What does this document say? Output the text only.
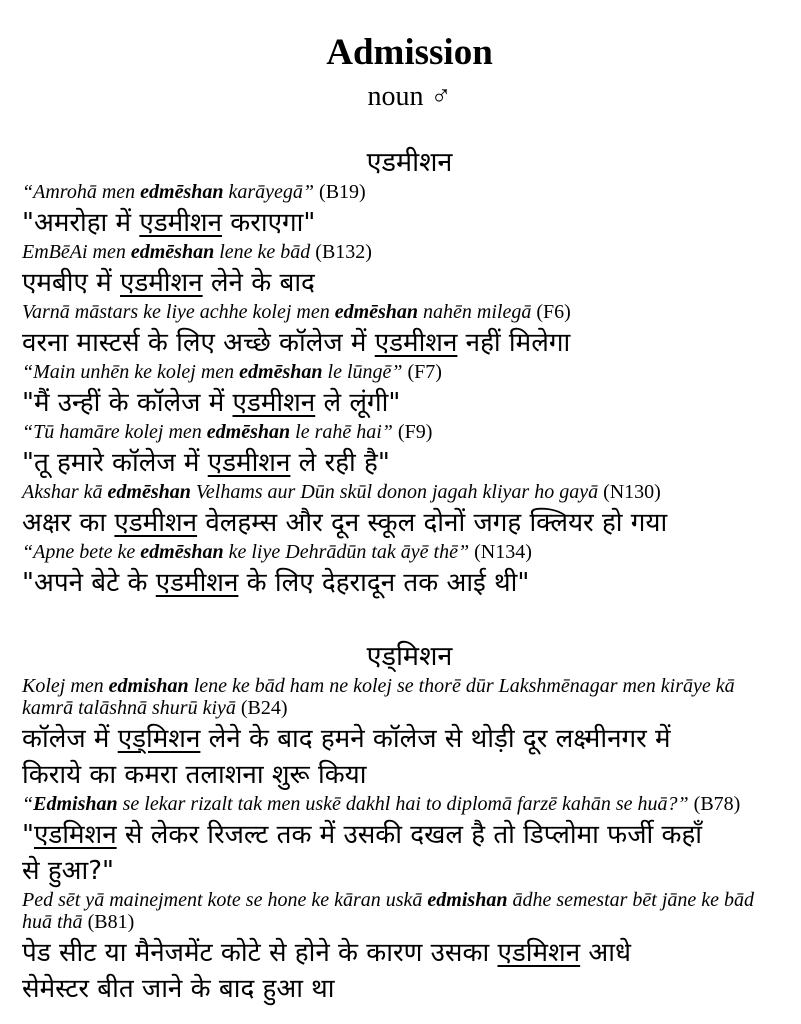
Admission
noun ♂
एडमीशन
“Amrohā men edmēshan karāyegā” (B19)
"अमरोहा में एडमीशन कराएगा"
EmBēAi men edmēshan lene ke bād (B132)
एमबीए में एडमीशन लेने के बाद
Varnā māstars ke liye achhe kolej men edmēshan nahēn milegā (F6)
वरना मास्टर्स के लिए अच्छे कॉलेज में एडमीशन नहीं मिलेगा
“Main unhēn ke kolej men edmēshan le lūngē” (F7)
"मैं उन्हीं के कॉलेज में एडमीशन ले लूंगी"
“Tū hamāre kolej men edmēshan le rahē hai” (F9)
"तू हमारे कॉलेज में एडमीशन ले रही है"
Akshar kā edmēshan Velhams aur Dūn skūl donon jagah kliyar ho gayā (N130)
अक्षर का एडमीशन वेलहम्स और दून स्कूल दोनों जगह क्लियर हो गया
“Apne bete ke edmēshan ke liye Dehrādūn tak āyē thē” (N134)
"अपने बेटे के एडमीशन के लिए देहरादून तक आई थी"
एड्मिशन
Kolej men edmishan lene ke bād ham ne kolej se thorē dūr Lakshmēnagar men kirāye kā
kamrā talāshnā shurū kiyā (B24)
कॉलेज में एड्मिशन लेने के बाद हमने कॉलेज से थोड़ी दूर लक्ष्मीनगर में
किराये का कमरा तलाशना शुरू किया
“Edmishan se lekar rizalt tak men uskē dakhl hai to diplomā farzē kahān se huā?” (B78)
"एडमिशन से लेकर रिजल्ट तक में उसकी दखल है तो डिप्लोमा फर्जी कहाँ
से हुआ?"
Ped sēt yā mainejment kote se hone ke kāran uskā edmishan ādhe semestar bēt jāne ke bād
huā thā (B81)
पेड सीट या मैनेजमेंट कोटे से होने के कारण उसका एडमिशन आधे
सेमेस्टर बीत जाने के बाद हुआ था
